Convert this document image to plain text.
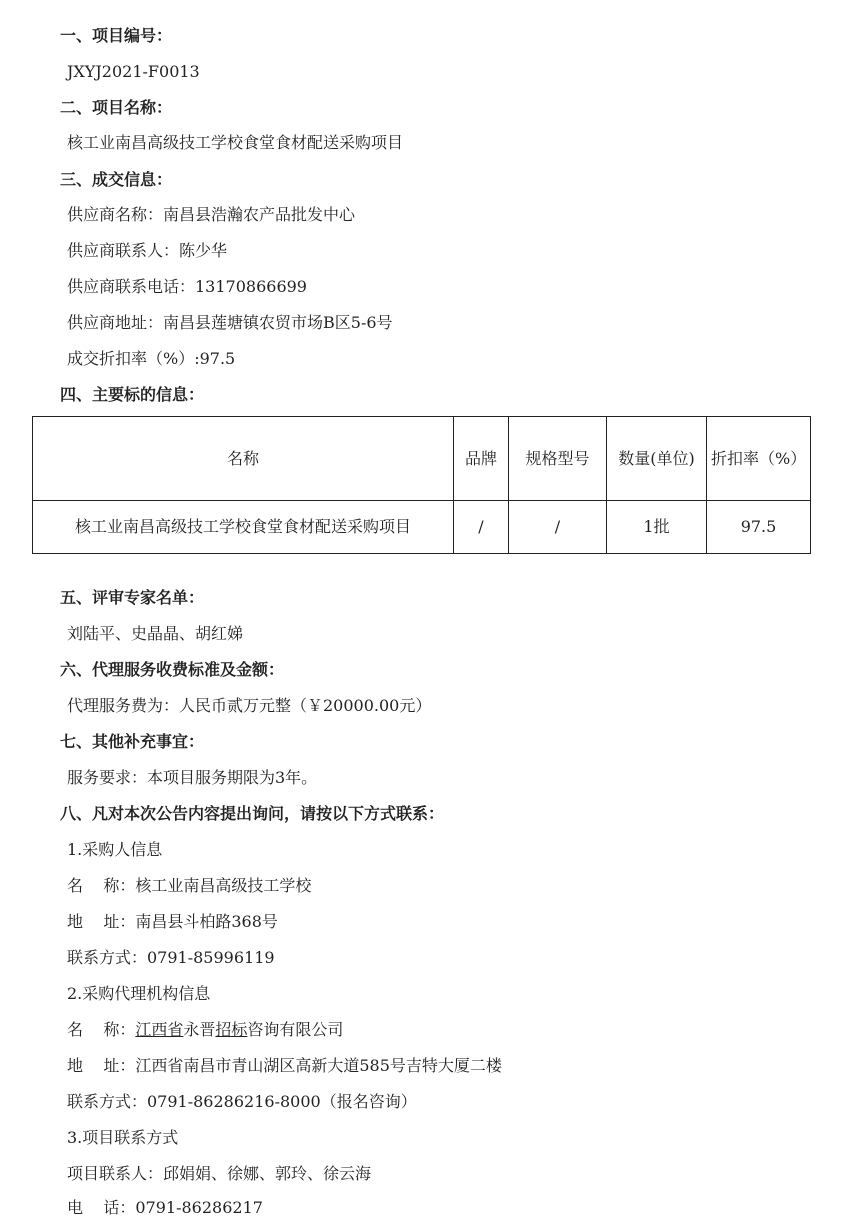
一、项目编号：
JXYJ2021-F0013
二、项目名称：
核工业南昌高级技工学校食堂食材配送采购项目
三、成交信息：
供应商名称：南昌县浩瀚农产品批发中心
供应商联系人：陈少华
供应商联系电话：13170866699
供应商地址：南昌县莲塘镇农贸市场B区5-6号
成交折扣率（%）:97.5
四、主要标的信息：
名称	品牌	规格型号	数量(单位)	折扣率（%）
核工业南昌高级技工学校食堂食材配送采购项目	/	/	1批	97.5
五、评审专家名单：
刘陆平、史晶晶、胡红娣
六、代理服务收费标准及金额：
代理服务费为：人民币贰万元整（￥20000.00元）
七、其他补充事宜：
服务要求：本项目服务期限为3年。
八、凡对本次公告内容提出询问，请按以下方式联系：
1.采购人信息
名    称：核工业南昌高级技工学校
地    址：南昌县斗柏路368号
联系方式：0791-85996119
2.采购代理机构信息
名    称：江西省永晋招标咨询有限公司
地    址：江西省南昌市青山湖区高新大道585号吉特大厦二楼
联系方式：0791-86286216-8000（报名咨询）
3.项目联系方式
项目联系人：邱娟娟、徐娜、郭玲、徐云海
电    话：0791-86286217
